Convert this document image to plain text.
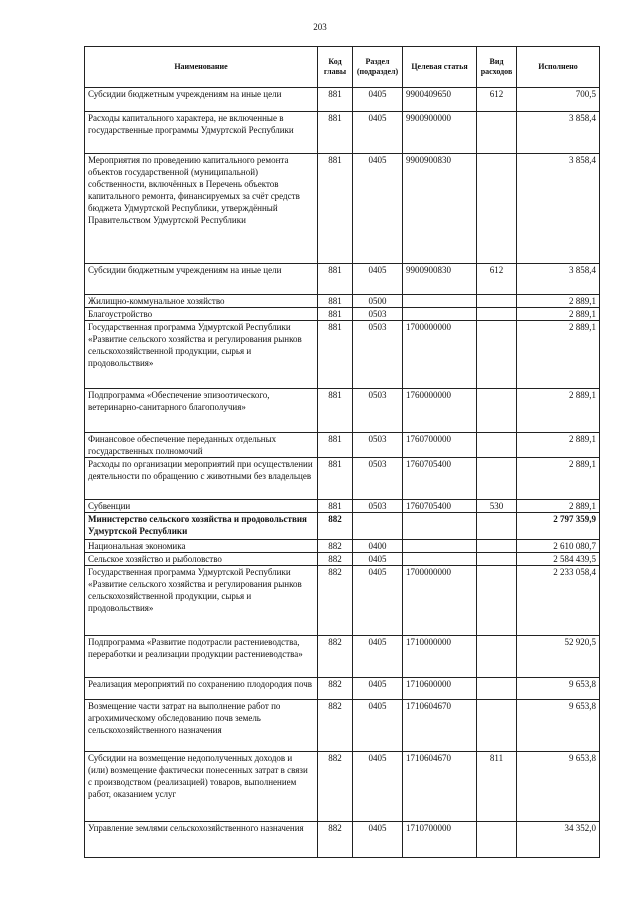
203
Наименование	Код главы	Раздел (подраздел)	Целевая статья	Вид расходов	Исполнено
Субсидии бюджетным учреждениям на иные цели	881	0405	9900409650	612	700,5
Расходы капитального характера, не включенные в государственные программы Удмуртской Республики	881	0405	9900900000		3 858,4
Мероприятия по проведению капитального ремонта объектов государственной (муниципальной) собственности, включённых в Перечень объектов капитального ремонта, финансируемых за счёт средств бюджета Удмуртской Республики, утверждённый Правительством Удмуртской Республики	881	0405	9900900830		3 858,4
Субсидии бюджетным учреждениям на иные цели	881	0405	9900900830	612	3 858,4
Жилищно-коммунальное хозяйство	881	0500			2 889,1
Благоустройство	881	0503			2 889,1
Государственная программа Удмуртской Республики «Развитие сельского хозяйства и регулирования рынков сельскохозяйственной продукции, сырья и продовольствия»	881	0503	1700000000		2 889,1
Подпрограмма «Обеспечение эпизоотического, ветеринарно-санитарного благополучия»	881	0503	1760000000		2 889,1
Финансовое обеспечение переданных отдельных государственных полномочий	881	0503	1760700000		2 889,1
Расходы по организации мероприятий при осуществлении деятельности по обращению с животными без владельцев	881	0503	1760705400		2 889,1
Субвенции	881	0503	1760705400	530	2 889,1
Министерство сельского хозяйства и продовольствия Удмуртской Республики	882				2 797 359,9
Национальная экономика	882	0400			2 610 080,7
Сельское хозяйство и рыболовство	882	0405			2 584 439,5
Государственная программа Удмуртской Республики «Развитие сельского хозяйства и регулирования рынков сельскохозяйственной продукции, сырья и продовольствия»	882	0405	1700000000		2 233 058,4
Подпрограмма «Развитие подотрасли растениеводства, переработки и реализации продукции растениеводства»	882	0405	1710000000		52 920,5
Реализация мероприятий по сохранению плодородия почв	882	0405	1710600000		9 653,8
Возмещение части затрат на выполнение работ по агрохимическому обследованию почв земель сельскохозяйственного назначения	882	0405	1710604670		9 653,8
Субсидии на возмещение недополученных доходов и (или) возмещение фактически понесенных затрат в связи с производством (реализацией) товаров, выполнением работ, оказанием услуг	882	0405	1710604670	811	9 653,8
Управление землями сельскохозяйственного назначения	882	0405	1710700000		34 352,0
